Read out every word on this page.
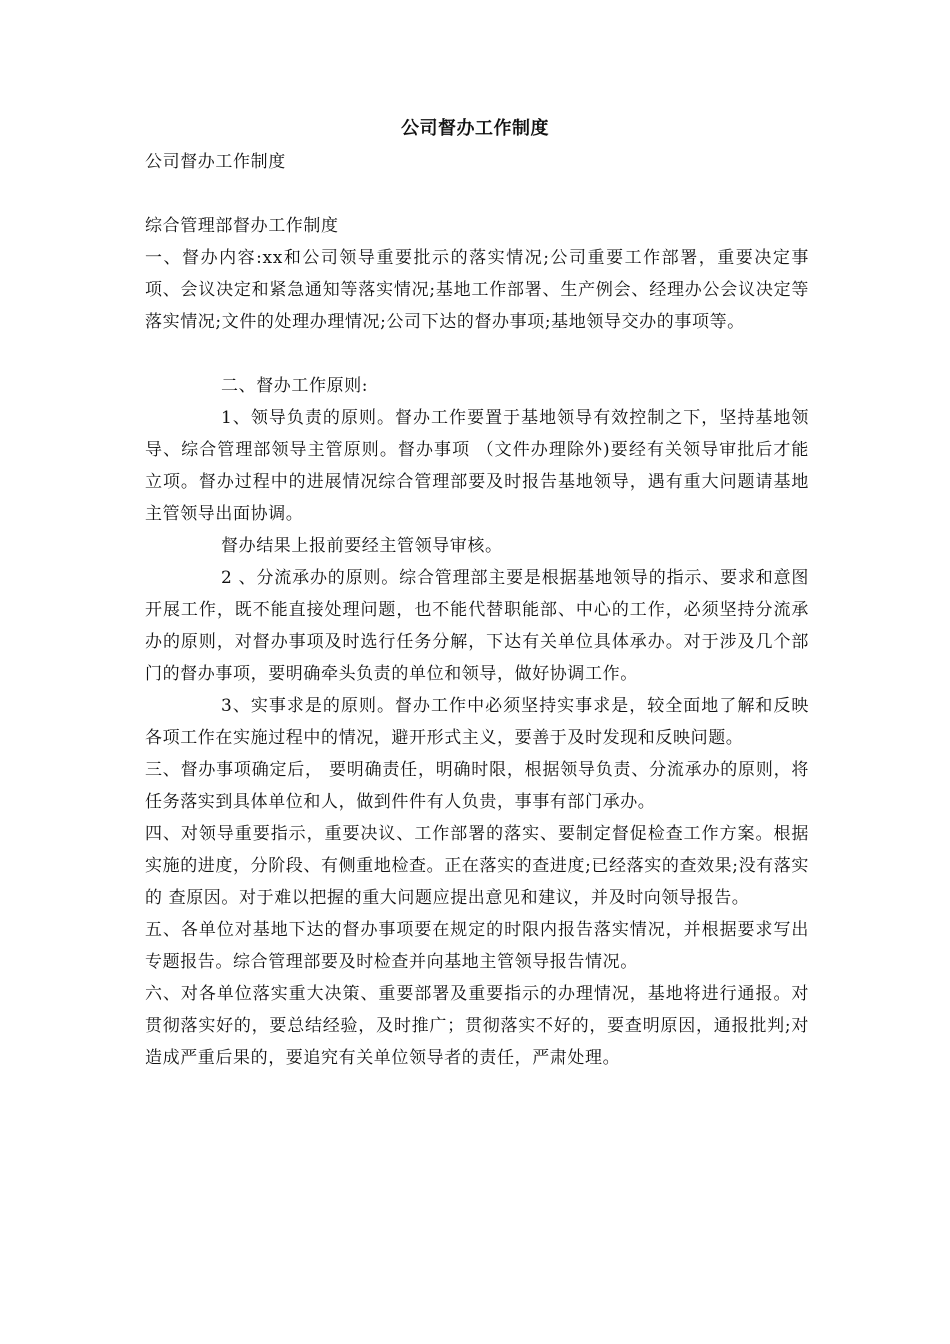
公司督办工作制度

公司督办工作制度

综合管理部督办工作制度

一、督办内容:xx和公司领导重要批示的落实情况;公司重要工作部署，重要决定事项、会议决定和紧急通知等落实情况;基地工作部署、生产例会、经理办公会议决定等落实情况;文件的处理办理情况;公司下达的督办事项;基地领导交办的事项等。

二、督办工作原则:

1、领导负责的原则。督办工作要置于基地领导有效控制之下，坚持基地领导、综合管理部领导主管原则。督办事项 （文件办理除外)要经有关领导审批后才能立项。督办过程中的进展情况综合管理部要及时报告基地领导，遇有重大问题请基地主管领导出面协调。

督办结果上报前要经主管领导审核。

2 、分流承办的原则。综合管理部主要是根据基地领导的指示、要求和意图开展工作，既不能直接处理问题，也不能代替职能部、中心的工作，必须坚持分流承办的原则，对督办事项及时选行任务分解，下达有关单位具体承办。对于涉及几个部门的督办事项，要明确牵头负责的单位和领导，做好协调工作。

3、实事求是的原则。督办工作中必须坚持实事求是，较全面地了解和反映各项工作在实施过程中的情况，避开形式主义，要善于及时发现和反映问题。

三、督办事项确定后， 要明确责任，明确时限，根据领导负责、分流承办的原则，将任务落实到具体单位和人，做到件件有人负贵，事事有部门承办。

四、对领导重要指示，重要决议、工作部署的落实、要制定督促检查工作方案。根据实施的进度，分阶段、有侧重地检查。正在落实的查进度;已经落实的查效果;没有落实的 查原因。对于难以把握的重大问题应提出意见和建议，并及时向领导报告。

五、各单位对基地下达的督办事项要在规定的时限内报告落实情况，并根据要求写出专题报告。综合管理部要及时检查并向基地主管领导报告情况。

六、对各单位落实重大决策、重要部署及重要指示的办理情况，基地将进行通报。对贯彻落实好的，要总结经验，及时推广；贯彻落实不好的，要查明原因，通报批判;对造成严重后果的，要追究有关单位领导者的责任，严肃处理。
